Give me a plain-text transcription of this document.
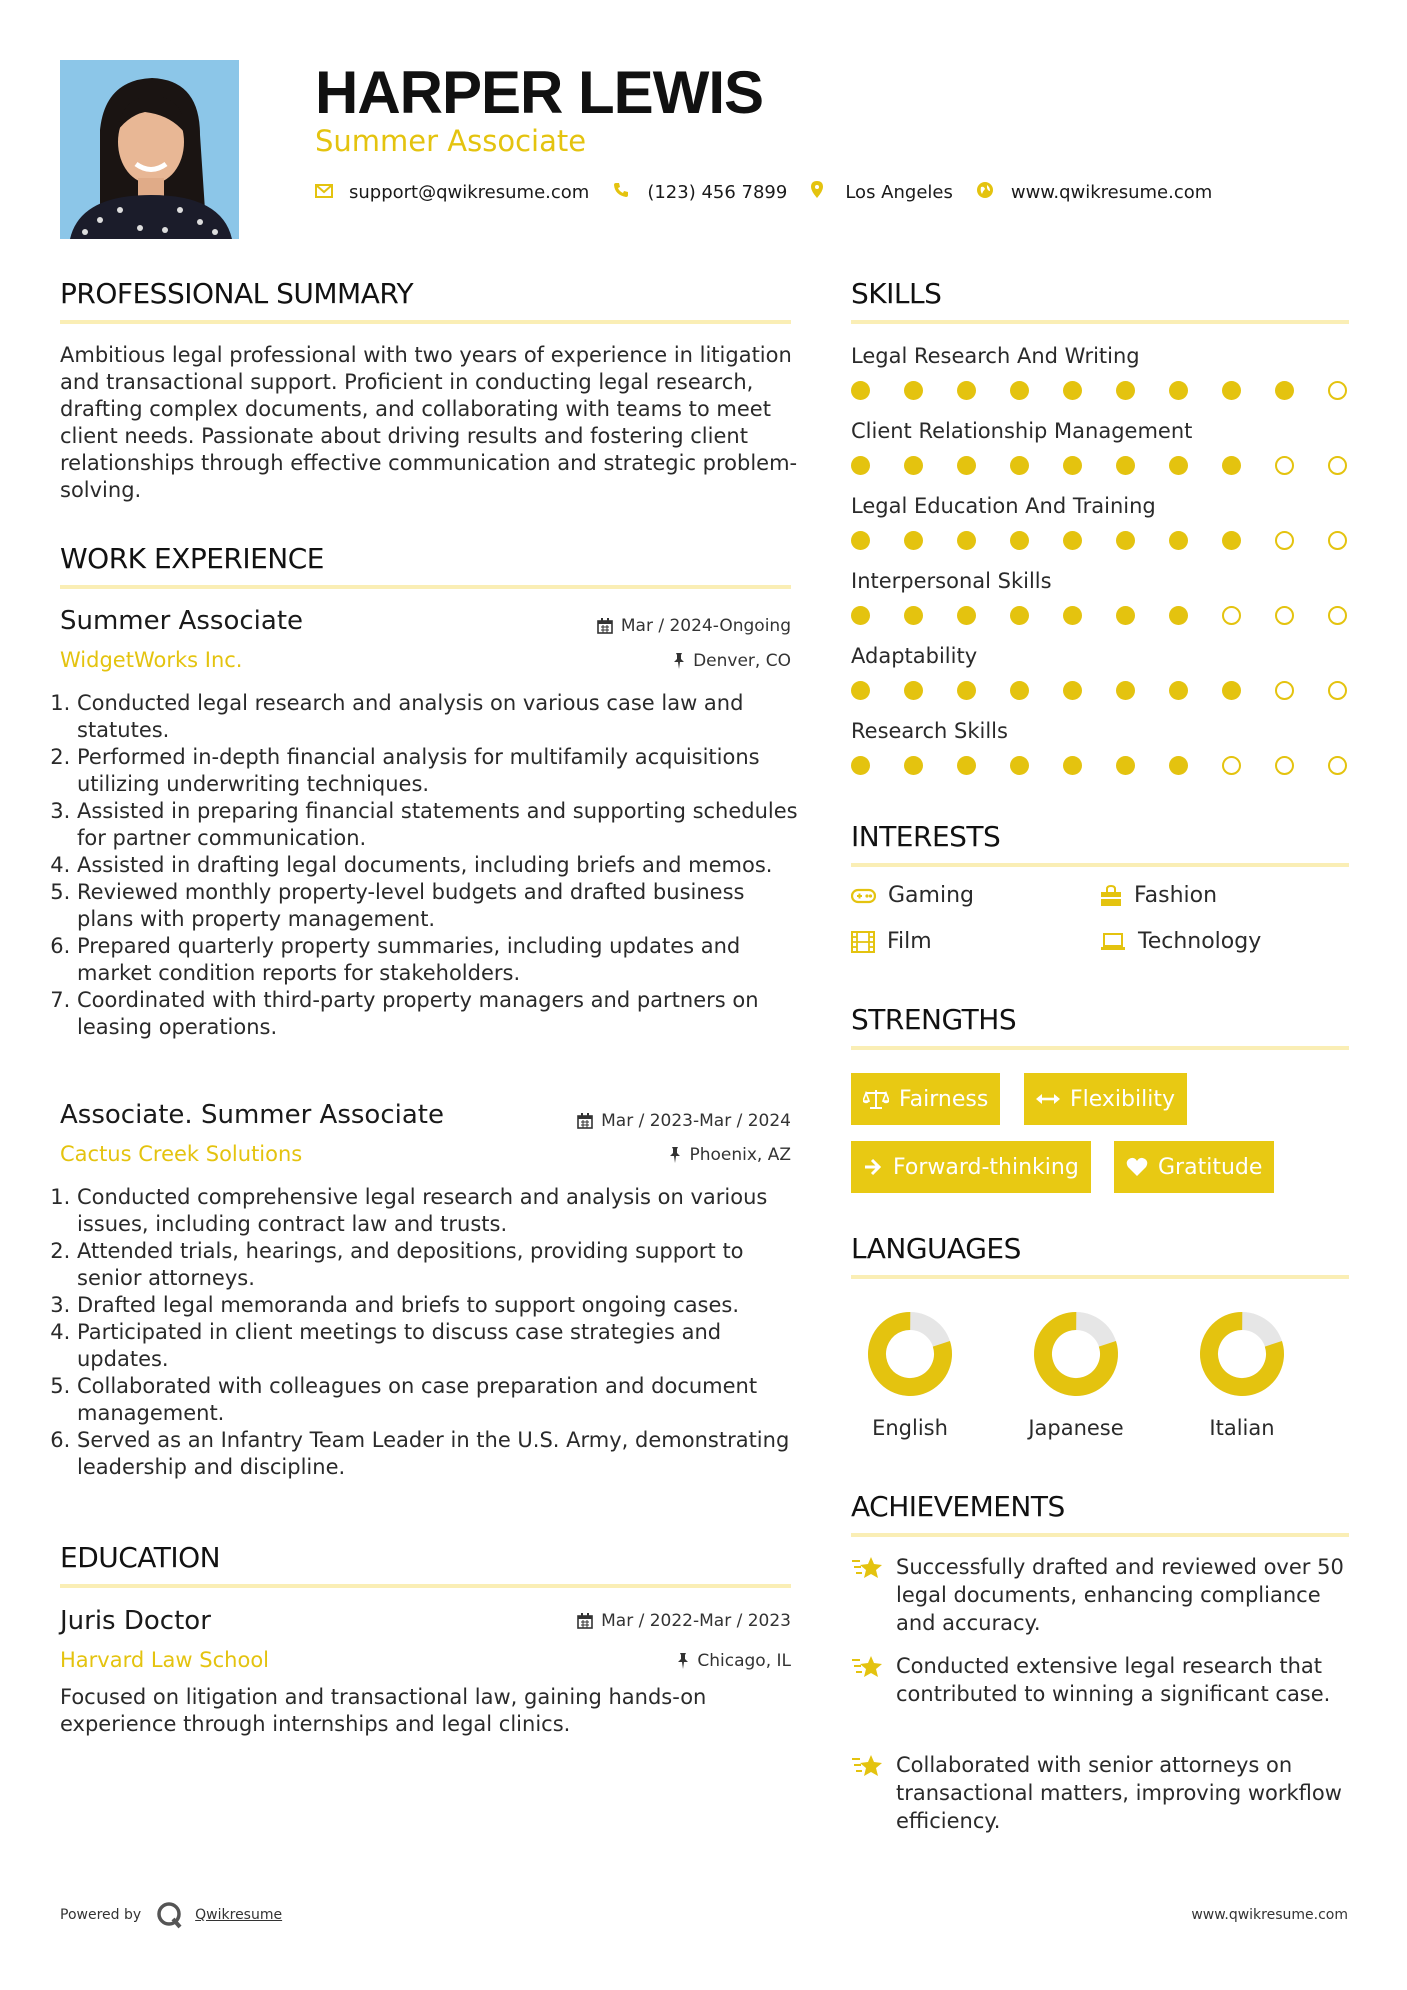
HARPER LEWIS
Summer Associate
support@qwikresume.com	(123) 456 7899	Los Angeles	www.qwikresume.com
PROFESSIONAL SUMMARY
Ambitious legal professional with two years of experience in litigation and transactional support. Proficient in conducting legal research, drafting complex documents, and collaborating with teams to meet client needs. Passionate about driving results and fostering client relationships through effective communication and strategic problem-solving.
WORK EXPERIENCE
Summer Associate	Mar / 2024-Ongoing
WidgetWorks Inc.	Denver, CO
1. Conducted legal research and analysis on various case law and statutes.
2. Performed in-depth financial analysis for multifamily acquisitions utilizing underwriting techniques.
3. Assisted in preparing financial statements and supporting schedules for partner communication.
4. Assisted in drafting legal documents, including briefs and memos.
5. Reviewed monthly property-level budgets and drafted business plans with property management.
6. Prepared quarterly property summaries, including updates and market condition reports for stakeholders.
7. Coordinated with third-party property managers and partners on leasing operations.
Associate. Summer Associate	Mar / 2023-Mar / 2024
Cactus Creek Solutions	Phoenix, AZ
1. Conducted comprehensive legal research and analysis on various issues, including contract law and trusts.
2. Attended trials, hearings, and depositions, providing support to senior attorneys.
3. Drafted legal memoranda and briefs to support ongoing cases.
4. Participated in client meetings to discuss case strategies and updates.
5. Collaborated with colleagues on case preparation and document management.
6. Served as an Infantry Team Leader in the U.S. Army, demonstrating leadership and discipline.
EDUCATION
Juris Doctor	Mar / 2022-Mar / 2023
Harvard Law School	Chicago, IL
Focused on litigation and transactional law, gaining hands-on experience through internships and legal clinics.
SKILLS
Legal Research And Writing
Client Relationship Management
Legal Education And Training
Interpersonal Skills
Adaptability
Research Skills
INTERESTS
Gaming	Fashion
Film	Technology
STRENGTHS
Fairness	Flexibility
Forward-thinking	Gratitude
LANGUAGES
English	Japanese	Italian
ACHIEVEMENTS
Successfully drafted and reviewed over 50 legal documents, enhancing compliance and accuracy.
Conducted extensive legal research that contributed to winning a significant case.
Collaborated with senior attorneys on transactional matters, improving workflow efficiency.
Powered by	Qwikresume	www.qwikresume.com
